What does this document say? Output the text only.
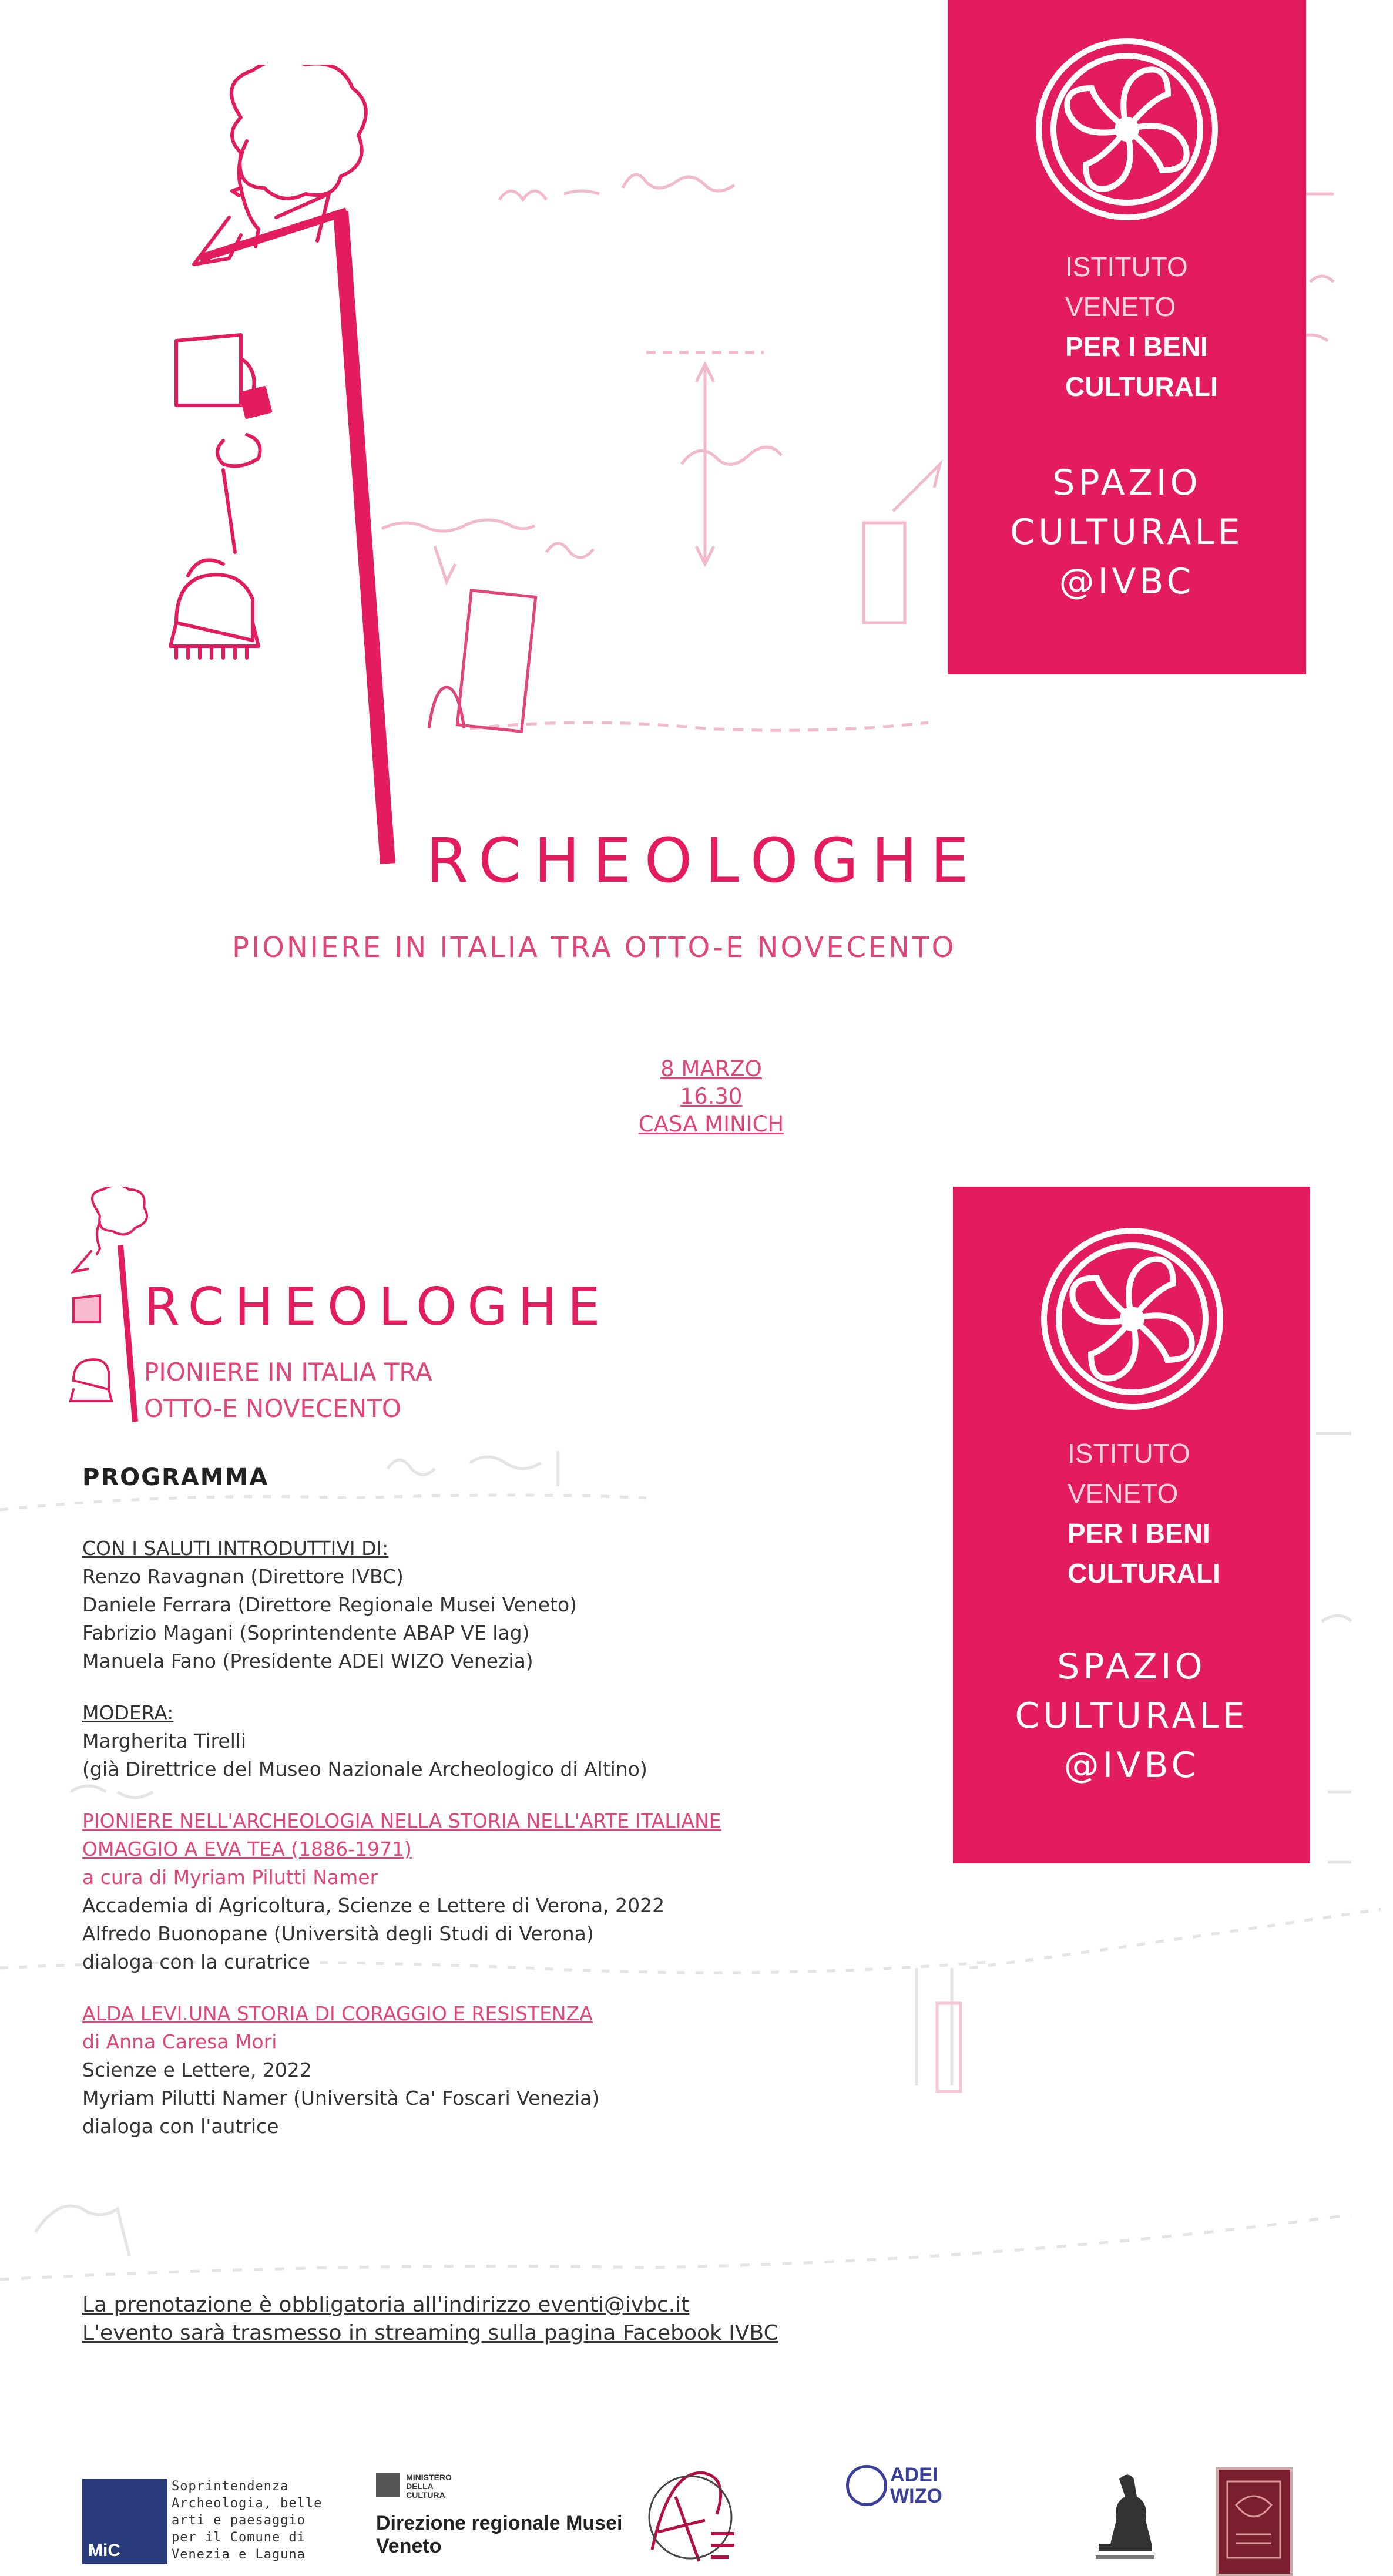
ISTITUTO
VENETO
PER I BENI
CULTURALI
SPAZIO
CULTURALE
@IVBC
RCHEOLOGHE
PIONIERE IN ITALIA TRA OTTO-E NOVECENTO
8 MARZO
16.30
CASA MINICH
RCHEOLOGHE
PIONIERE IN ITALIA TRA
OTTO-E NOVECENTO
ISTITUTO
VENETO
PER I BENI
CULTURALI
SPAZIO
CULTURALE
@IVBC
PROGRAMMA
CON I SALUTI INTRODUTTIVI DI:
Renzo Ravagnan (Direttore IVBC)
Daniele Ferrara (Direttore Regionale Musei Veneto)
Fabrizio Magani (Soprintendente ABAP VE lag)
Manuela Fano (Presidente ADEI WIZO Venezia)
MODERA:
Margherita Tirelli
(già Direttrice del Museo Nazionale Archeologico di Altino)
PIONIERE NELL'ARCHEOLOGIA NELLA STORIA NELL'ARTE ITALIANE
OMAGGIO A EVA TEA (1886-1971)
a cura di Myriam Pilutti Namer
Accademia di Agricoltura, Scienze e Lettere di Verona, 2022
Alfredo Buonopane (Università degli Studi di Verona)
dialoga con la curatrice
ALDA LEVI.UNA STORIA DI CORAGGIO E RESISTENZA
di Anna Caresa Mori
Scienze e Lettere, 2022
Myriam Pilutti Namer (Università Ca' Foscari Venezia)
dialoga con l'autrice
La prenotazione è obbligatoria all'indirizzo eventi@ivbc.it
L'evento sarà trasmesso in streaming sulla pagina Facebook IVBC
MiC
Soprintendenza
Archeologia, belle
arti e paesaggio
per il Comune di
Venezia e Laguna

MINISTERO
DELLA
CULTURA
Direzione regionale Musei
Veneto

ADEI
WIZO
